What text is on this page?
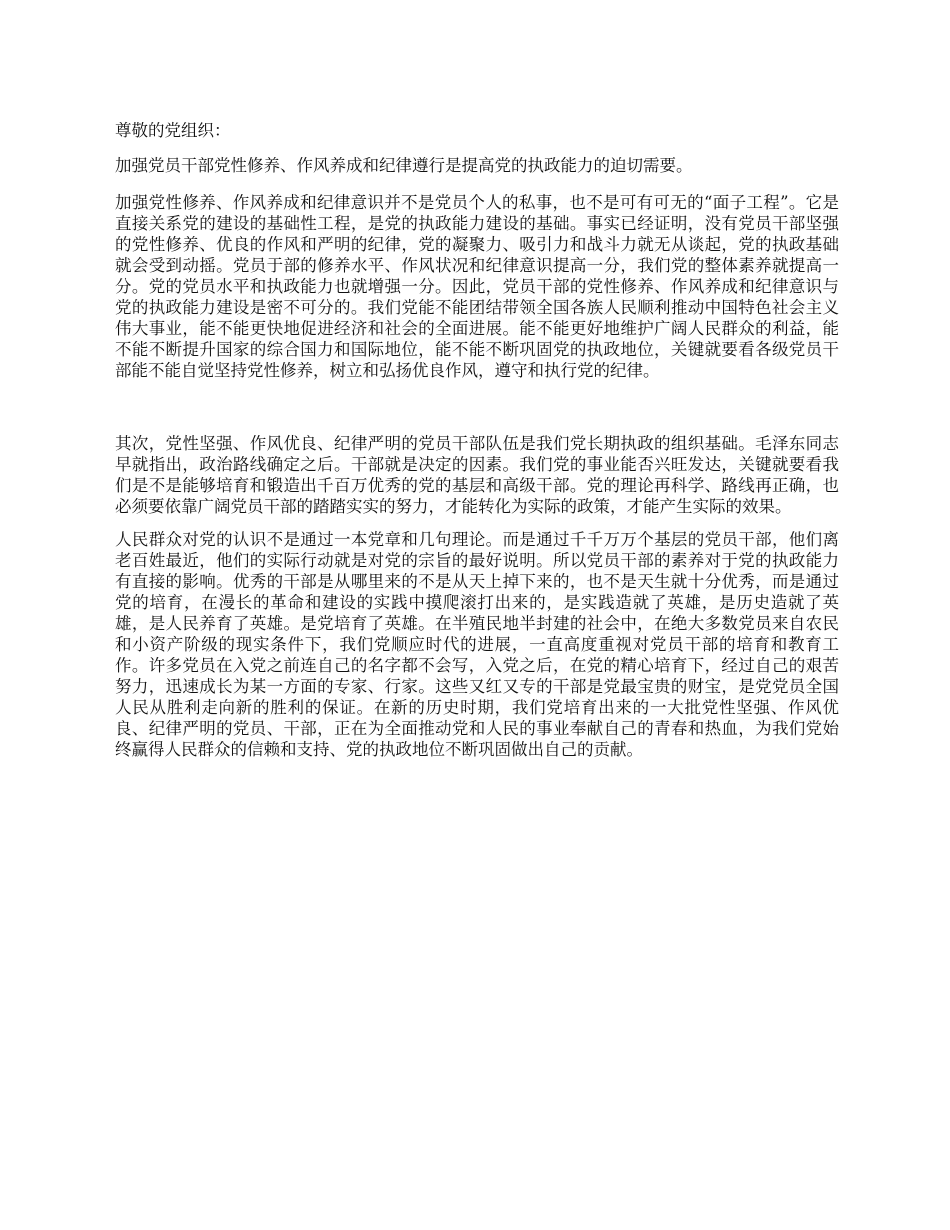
尊敬的党组织：

加强党员干部党性修养、作风养成和纪律遵行是提高党的执政能力的迫切需要。

加强党性修养、作风养成和纪律意识并不是党员个人的私事，也不是可有可无的“面子工程”。它是直接关系党的建设的基础性工程，是党的执政能力建设的基础。事实已经证明，没有党员干部坚强的党性修养、优良的作风和严明的纪律，党的凝聚力、吸引力和战斗力就无从谈起，党的执政基础就会受到动摇。党员于部的修养水平、作风状况和纪律意识提高一分，我们党的整体素养就提高一分。党的党员水平和执政能力也就增强一分。因此，党员干部的党性修养、作风养成和纪律意识与党的执政能力建设是密不可分的。我们党能不能团结带领全国各族人民顺利推动中国特色社会主义伟大事业，能不能更快地促进经济和社会的全面进展。能不能更好地维护广阔人民群众的利益，能不能不断提升国家的综合国力和国际地位，能不能不断巩固党的执政地位，关键就要看各级党员干部能不能自觉坚持党性修养，树立和弘扬优良作风，遵守和执行党的纪律。

其次，党性坚强、作风优良、纪律严明的党员干部队伍是我们党长期执政的组织基础。毛泽东同志早就指出，政治路线确定之后。干部就是决定的因素。我们党的事业能否兴旺发达，关键就要看我们是不是能够培育和锻造出千百万优秀的党的基层和高级干部。党的理论再科学、路线再正确，也必须要依靠广阔党员干部的踏踏实实的努力，才能转化为实际的政策，才能产生实际的效果。

人民群众对党的认识不是通过一本党章和几句理论。而是通过千千万万个基层的党员干部，他们离老百姓最近，他们的实际行动就是对党的宗旨的最好说明。所以党员干部的素养对于党的执政能力有直接的影响。优秀的干部是从哪里来的不是从天上掉下来的，也不是天生就十分优秀，而是通过党的培育，在漫长的革命和建设的实践中摸爬滚打出来的，是实践造就了英雄，是历史造就了英雄，是人民养育了英雄。是党培育了英雄。在半殖民地半封建的社会中，在绝大多数党员来自农民和小资产阶级的现实条件下，我们党顺应时代的进展，一直高度重视对党员干部的培育和教育工作。许多党员在入党之前连自己的名字都不会写，入党之后，在党的精心培育下，经过自己的艰苦努力，迅速成长为某一方面的专家、行家。这些又红又专的干部是党最宝贵的财宝，是党党员全国人民从胜利走向新的胜利的保证。在新的历史时期，我们党培育出来的一大批党性坚强、作风优良、纪律严明的党员、干部，正在为全面推动党和人民的事业奉献自己的青春和热血，为我们党始终赢得人民群众的信赖和支持、党的执政地位不断巩固做出自己的贡献。
